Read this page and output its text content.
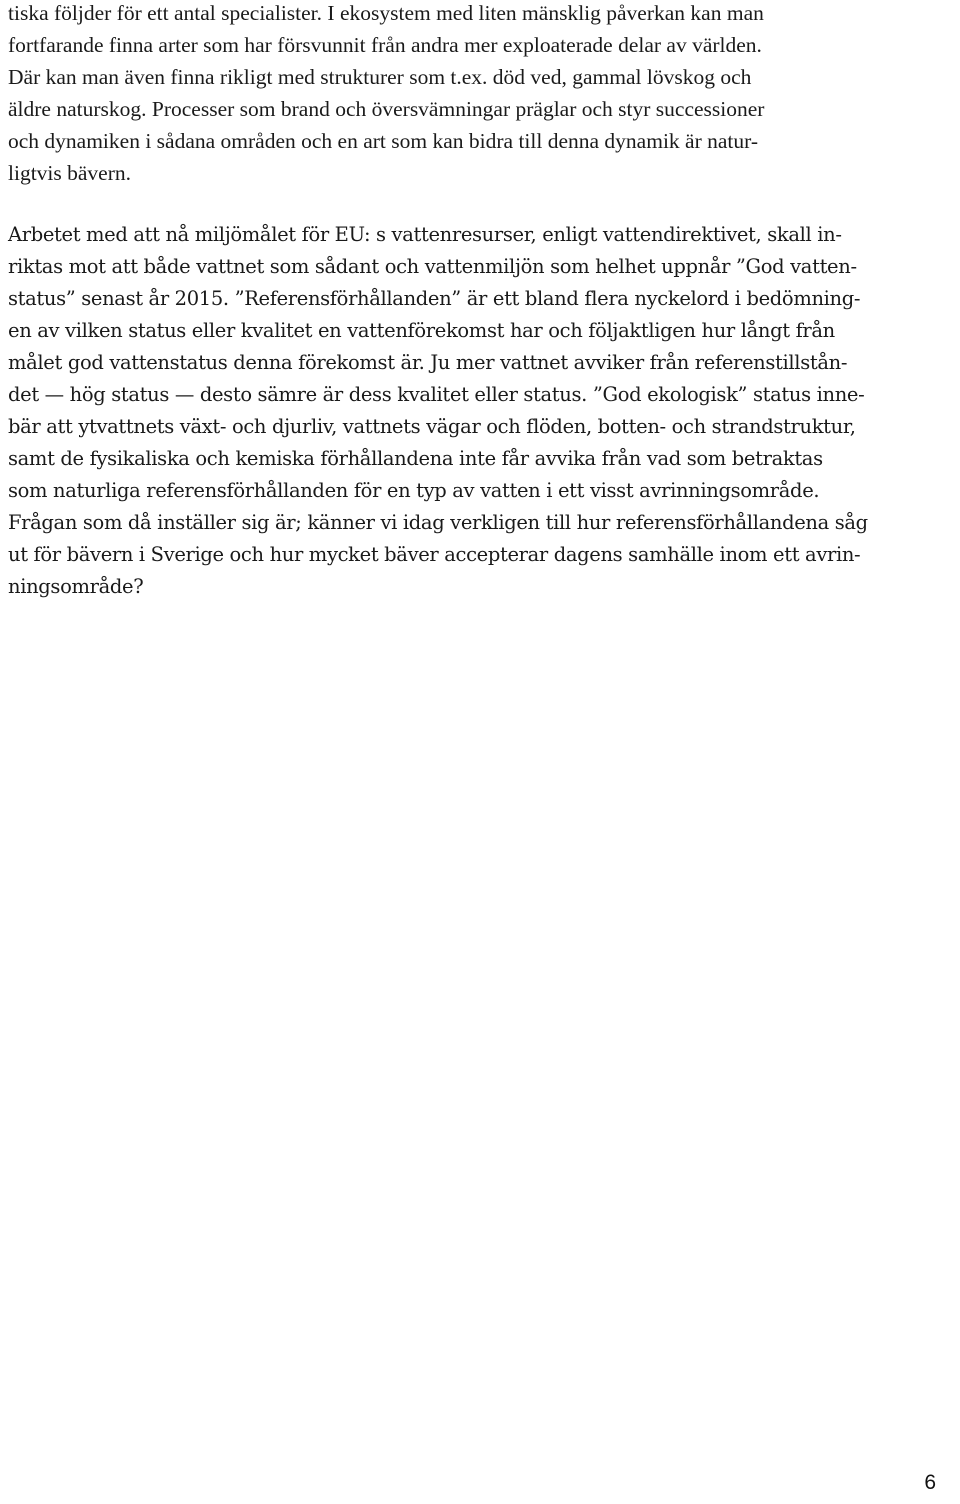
tiska följder för ett antal specialister. I ekosystem med liten mänsklig påverkan kan man
fortfarande finna arter som har försvunnit från andra mer exploaterade delar av världen.
Där kan man även finna rikligt med strukturer som t.ex. död ved, gammal lövskog och
äldre naturskog. Processer som brand och översvämningar präglar och styr successioner
och dynamiken i sådana områden och en art som kan bidra till denna dynamik är natur-
ligtvis bävern.
Arbetet med att nå miljömålet för EU: s vattenresurser, enligt vattendirektivet, skall in-
riktas mot att både vattnet som sådant och vattenmiljön som helhet uppnår ”God vatten-
status” senast år 2015. ”Referensförhållanden” är ett bland flera nyckelord i bedömning-
en av vilken status eller kvalitet en vattenförekomst har och följaktligen hur långt från
målet god vattenstatus denna förekomst är. Ju mer vattnet avviker från referenstillstån-
det — hög status — desto sämre är dess kvalitet eller status. ”God ekologisk” status inne-
bär att ytvattnets växt- och djurliv, vattnets vägar och flöden, botten- och strandstruktur,
samt de fysikaliska och kemiska förhållandena inte får avvika från vad som betraktas
som naturliga referensförhållanden för en typ av vatten i ett visst avrinningsområde.
Frågan som då inställer sig är; känner vi idag verkligen till hur referensförhållandena såg
ut för bävern i Sverige och hur mycket bäver accepterar dagens samhälle inom ett avrin-
ningsområde?
6
